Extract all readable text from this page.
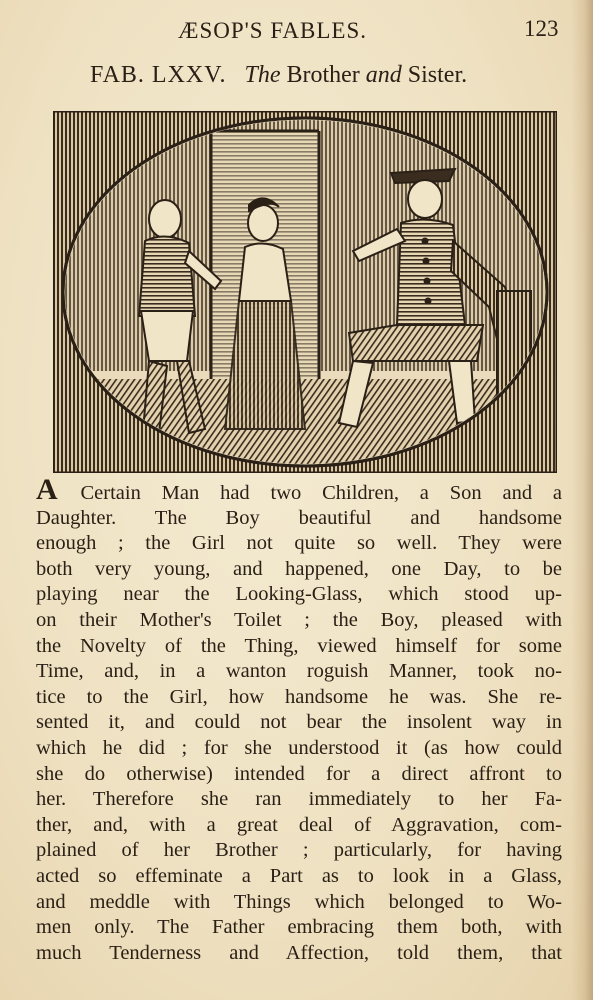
ÆSOP'S FABLES.	123
FAB. LXXV. The Brother and Sister.
A Certain Man had two Children, a Son and a
Daughter. The Boy beautiful and handsome
enough ; the Girl not quite so well. They were
both very young, and happened, one Day, to be
playing near the Looking-Glass, which stood up-
on their Mother's Toilet ; the Boy, pleased with
the Novelty of the Thing, viewed himself for some
Time, and, in a wanton roguish Manner, took no-
tice to the Girl, how handsome he was. She re-
sented it, and could not bear the insolent way in
which he did ; for she understood it (as how could
she do otherwise) intended for a direct affront to
her. Therefore she ran immediately to her Fa-
ther, and, with a great deal of Aggravation, com-
plained of her Brother ; particularly, for having
acted so effeminate a Part as to look in a Glass,
and meddle with Things which belonged to Wo-
men only. The Father embracing them both, with
much Tenderness and Affection, told them, that
